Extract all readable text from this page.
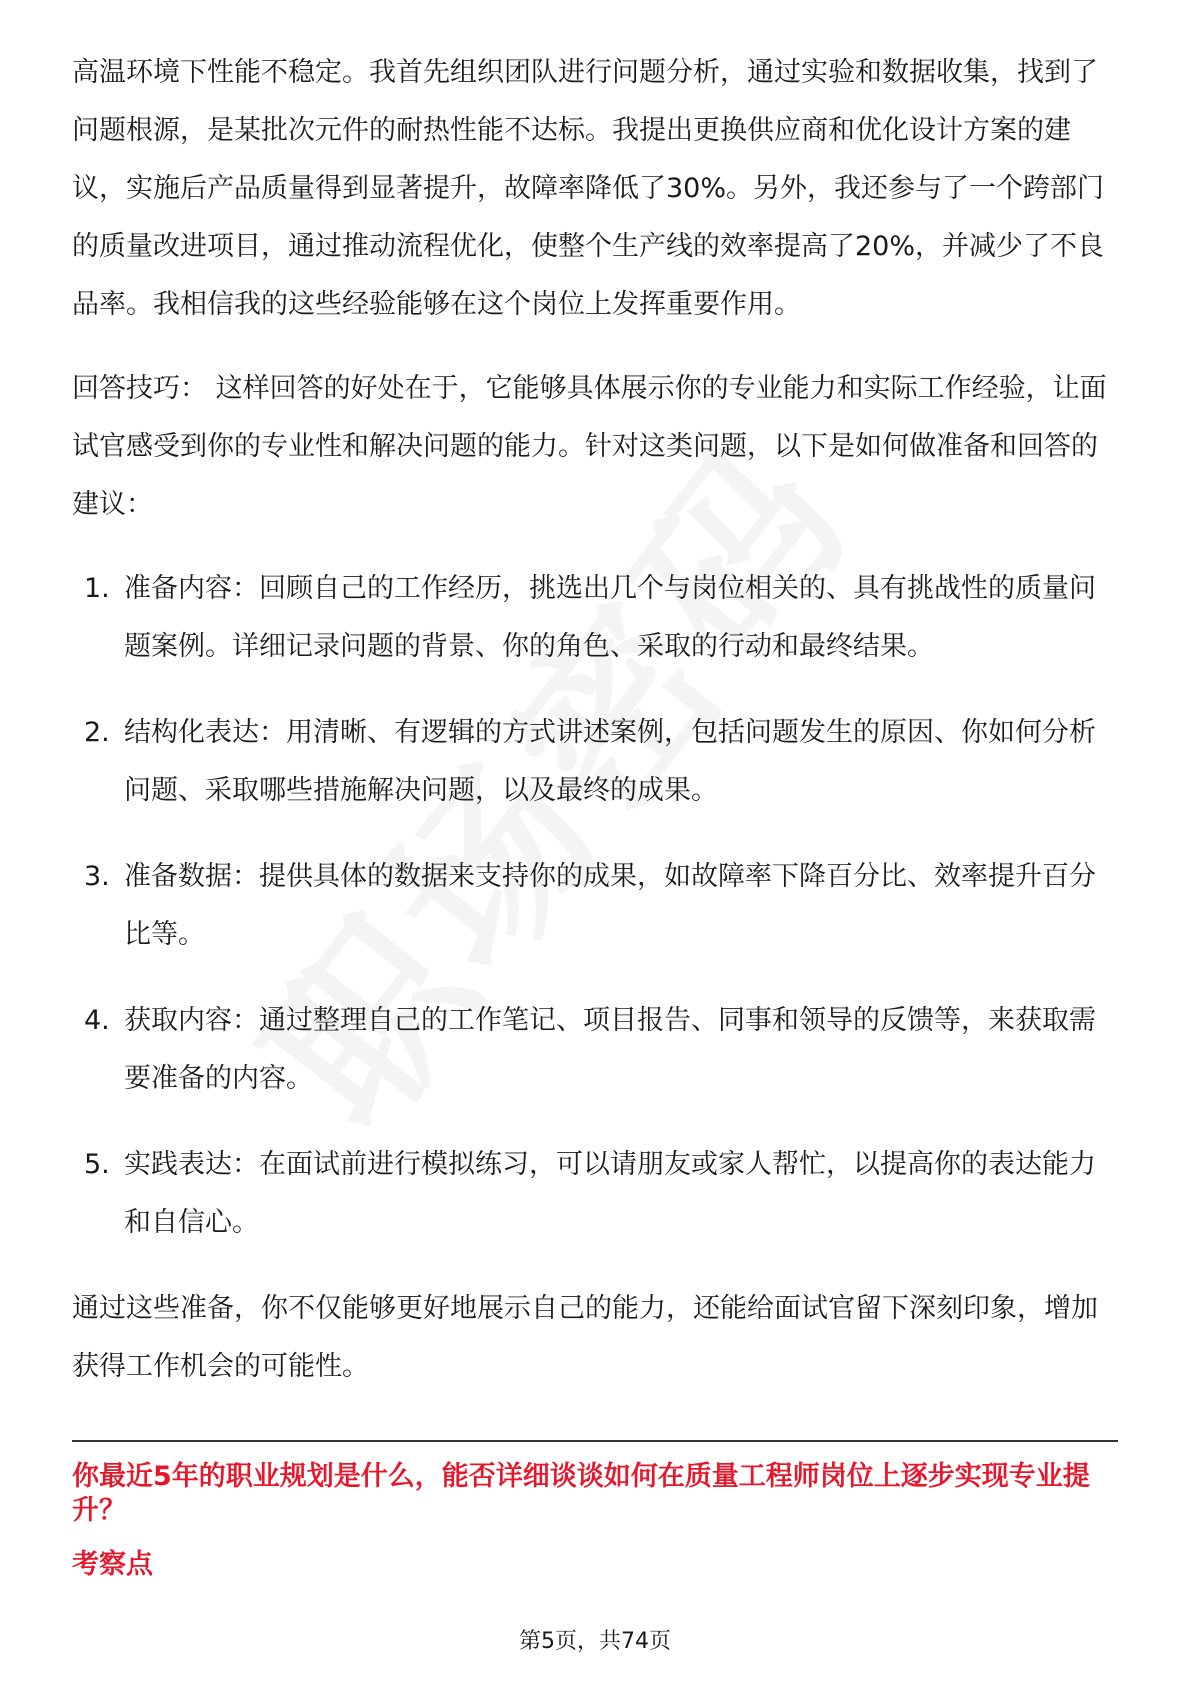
高温环境下性能不稳定。我首先组织团队进行问题分析，通过实验和数据收集，找到了问题根源，是某批次元件的耐热性能不达标。我提出更换供应商和优化设计方案的建议，实施后产品质量得到显著提升，故障率降低了30%。另外，我还参与了一个跨部门的质量改进项目，通过推动流程优化，使整个生产线的效率提高了20%，并减少了不良品率。我相信我的这些经验能够在这个岗位上发挥重要作用。

回答技巧： 这样回答的好处在于，它能够具体展示你的专业能力和实际工作经验，让面试官感受到你的专业性和解决问题的能力。针对这类问题，以下是如何做准备和回答的建议：

1. 准备内容：回顾自己的工作经历，挑选出几个与岗位相关的、具有挑战性的质量问题案例。详细记录问题的背景、你的角色、采取的行动和最终结果。
2. 结构化表达：用清晰、有逻辑的方式讲述案例，包括问题发生的原因、你如何分析问题、采取哪些措施解决问题，以及最终的成果。
3. 准备数据：提供具体的数据来支持你的成果，如故障率下降百分比、效率提升百分比等。
4. 获取内容：通过整理自己的工作笔记、项目报告、同事和领导的反馈等，来获取需要准备的内容。
5. 实践表达：在面试前进行模拟练习，可以请朋友或家人帮忙，以提高你的表达能力和自信心。

通过这些准备，你不仅能够更好地展示自己的能力，还能给面试官留下深刻印象，增加获得工作机会的可能性。

你最近5年的职业规划是什么，能否详细谈谈如何在质量工程师岗位上逐步实现专业提升？

考察点

第5页，共74页
